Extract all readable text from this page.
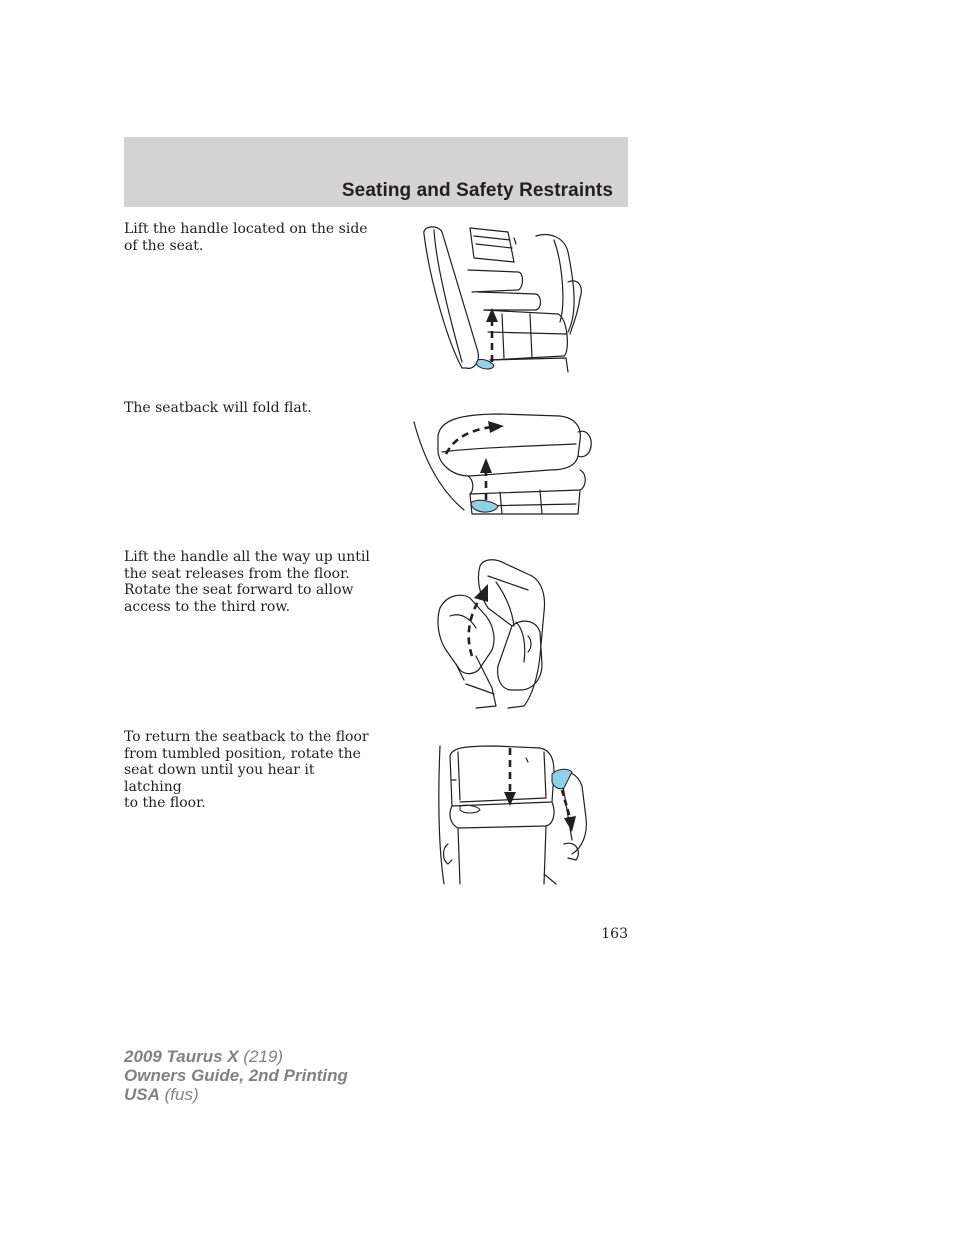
Seating and Safety Restraints
Lift the handle located on the side
of the seat.
The seatback will fold flat.
Lift the handle all the way up until
the seat releases from the floor.
Rotate the seat forward to allow
access to the third row.
To return the seatback to the floor
from tumbled position, rotate the
seat down until you hear it latching
to the floor.
163
2009 Taurus X (219)
Owners Guide, 2nd Printing
USA (fus)
